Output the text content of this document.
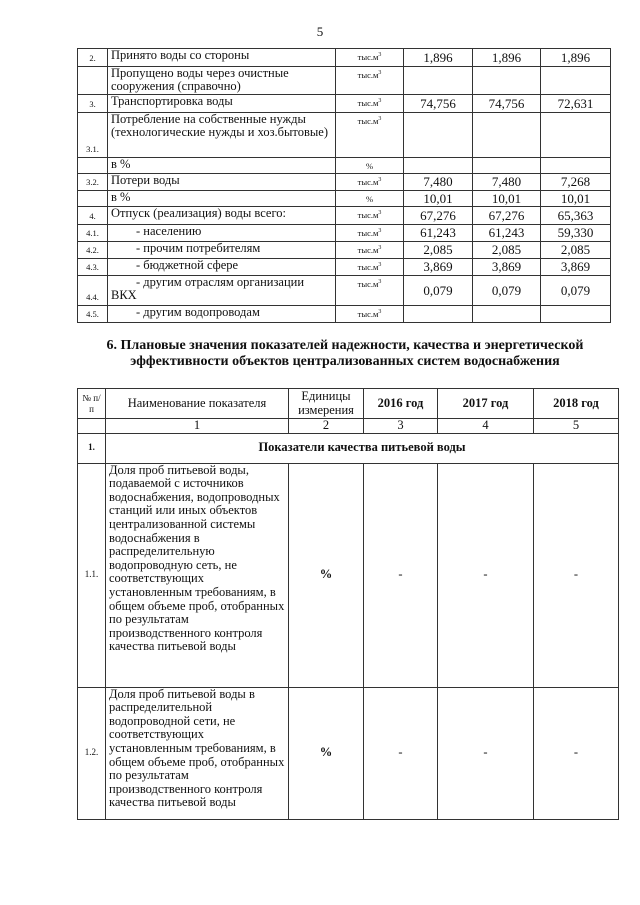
5
2.	Принято воды со стороны	$тыс.м^3$	1,896	1,896	1,896
	Пропущено воды через очистные сооружения (справочно)	$тыс.м^3$			
3.	Транспортировка воды	$тыс.м^3$	74,756	74,756	72,631
3.1.	Потребление на собственные нужды (технологические нужды и хоз.бытовые)	$тыс.м^3$			
	в %	%			
3.2.	Потери воды	$тыс.м^3$	7,480	7,480	7,268
	в %	%	10,01	10,01	10,01
4.	Отпуск (реализация) воды всего:	$тыс.м^3$	67,276	67,276	65,363
4.1.	- населению	$тыс.м^3$	61,243	61,243	59,330
4.2.	- прочим потребителям	$тыс.м^3$	2,085	2,085	2,085
4.3.	- бюджетной сфере	$тыс.м^3$	3,869	3,869	3,869
4.4.	- другим отраслям организации ВКХ	$тыс.м^3$	0,079	0,079	0,079
4.5.	- другим водопроводам	$тыс.м^3$			
6. Плановые значения показателей надежности, качества и энергетической эффективности объектов централизованных систем водоснабжения
№ п/п	Наименование показателя	Единицы измерения	2016 год	2017 год	2018 год
	1	2	3	4	5
1.	Показатели качества питьевой воды				
1.1.	Доля проб питьевой воды, подаваемой с источников водоснабжения, водопроводных станций или иных объектов централизованной системы водоснабжения в распределительную водопроводную сеть, не соответствующих установленным требованиям, в общем объеме проб, отобранных по результатам производственного контроля качества питьевой воды	%	-	-	-
1.2.	Доля проб питьевой воды в распределительной водопроводной сети, не соответствующих установленным требованиям, в общем объеме проб, отобранных по результатам производственного контроля качества питьевой воды	%	-	-	-
